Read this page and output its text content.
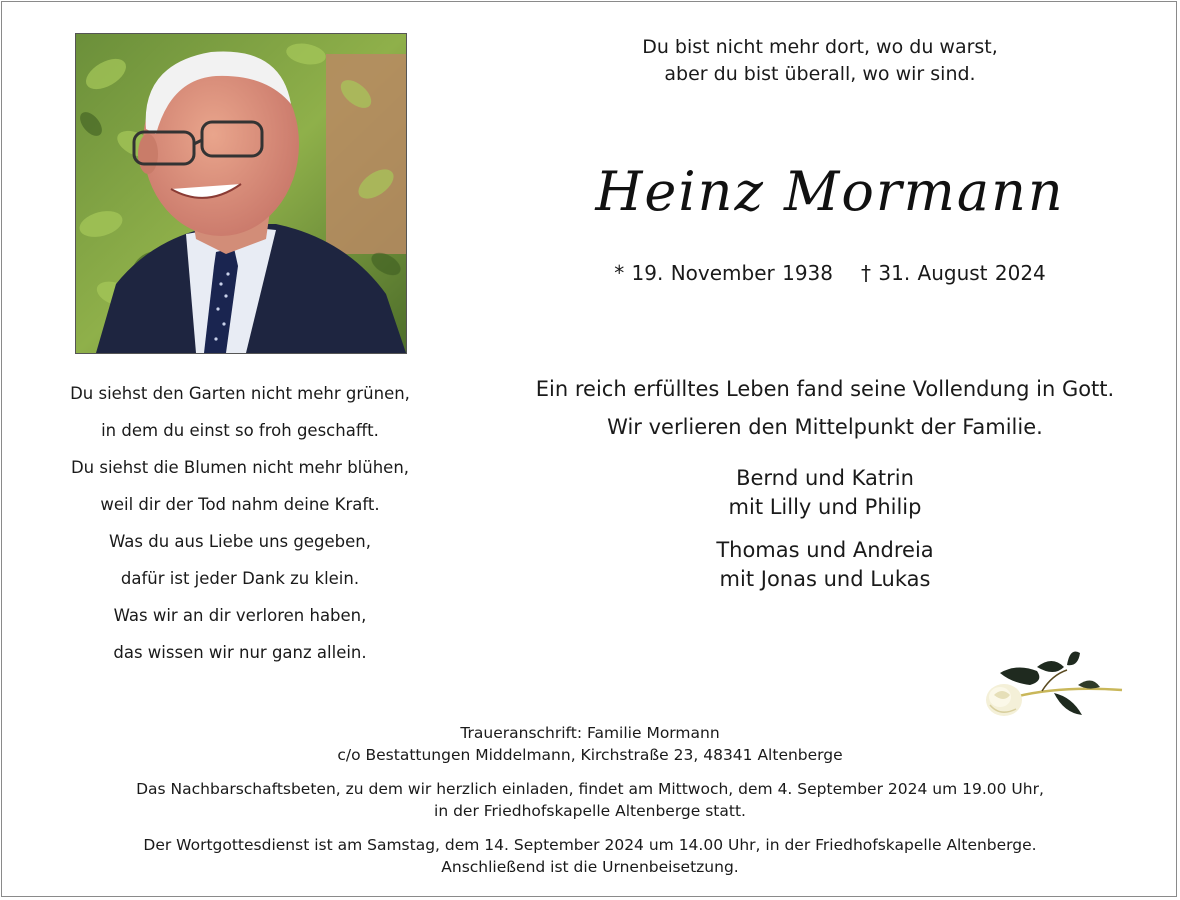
Du bist nicht mehr dort, wo du warst,
aber du bist überall, wo wir sind.
Heinz Mormann
* 19. November 1938 † 31. August 2024
Du siehst den Garten nicht mehr grünen,
in dem du einst so froh geschafft.
Du siehst die Blumen nicht mehr blühen,
weil dir der Tod nahm deine Kraft.
Was du aus Liebe uns gegeben,
dafür ist jeder Dank zu klein.
Was wir an dir verloren haben,
das wissen wir nur ganz allein.
Ein reich erfülltes Leben fand seine Vollendung in Gott.
Wir verlieren den Mittelpunkt der Familie.
Bernd und Katrin
mit Lilly und Philip
Thomas und Andreia
mit Jonas und Lukas
Traueranschrift: Familie Mormann
c/o Bestattungen Middelmann, Kirchstraße 23, 48341 Altenberge
Das Nachbarschaftsbeten, zu dem wir herzlich einladen, findet am Mittwoch, dem 4. September 2024 um 19.00 Uhr,
in der Friedhofskapelle Altenberge statt.
Der Wortgottesdienst ist am Samstag, dem 14. September 2024 um 14.00 Uhr, in der Friedhofskapelle Altenberge.
Anschließend ist die Urnenbeisetzung.
